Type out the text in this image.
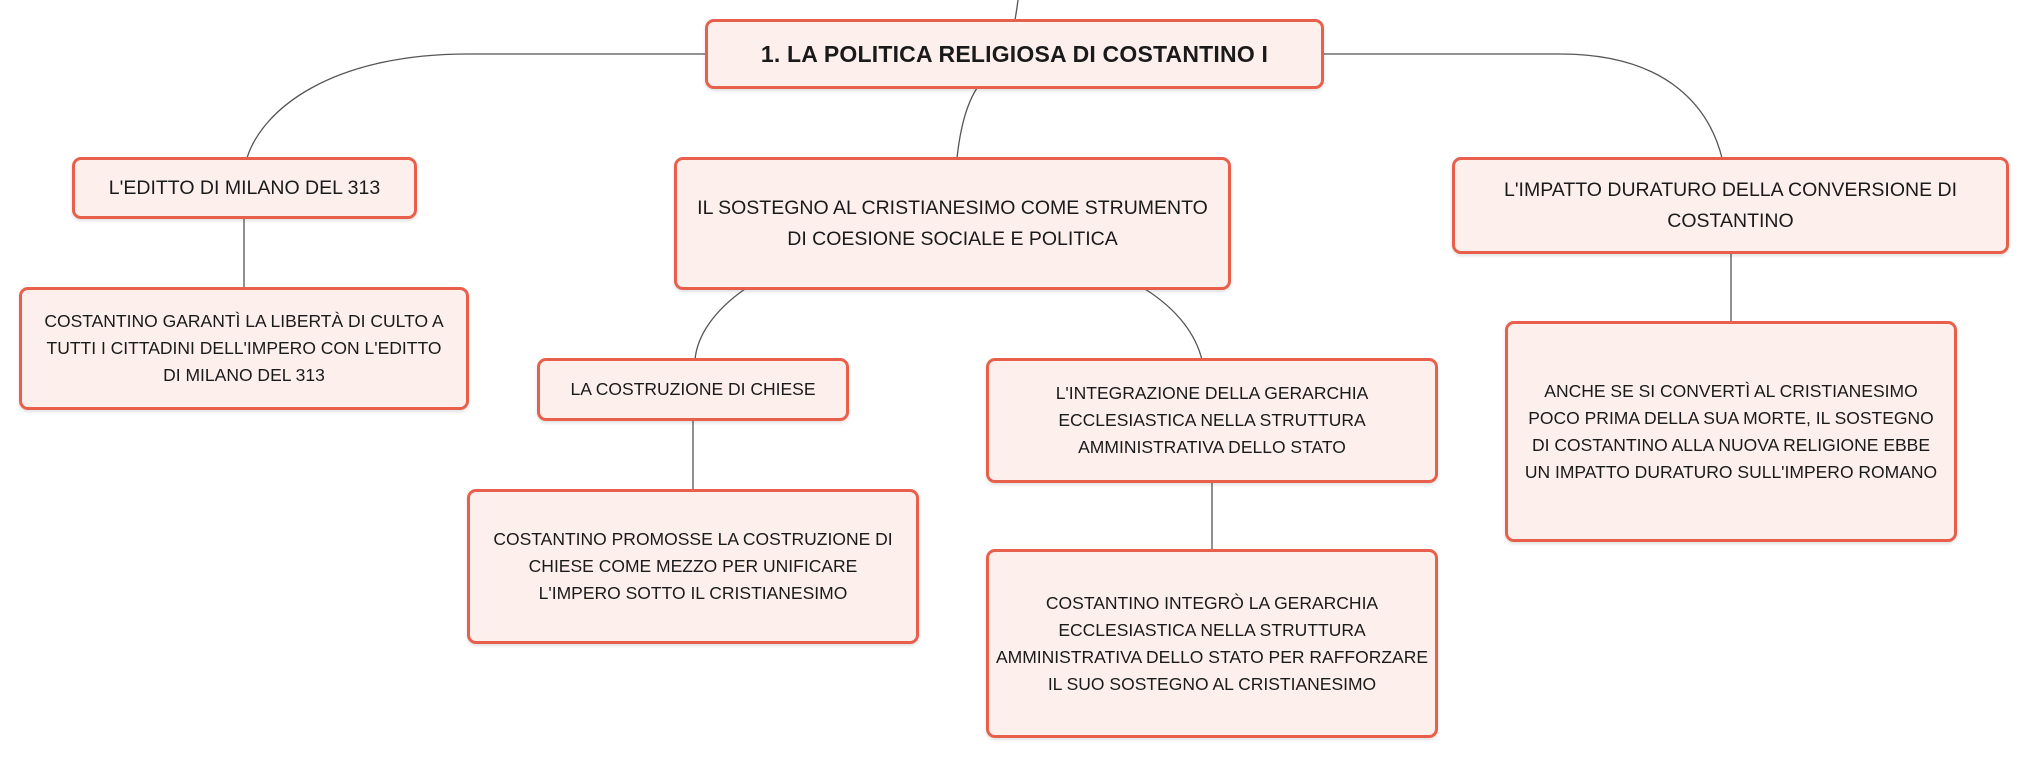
1. LA POLITICA RELIGIOSA DI COSTANTINO I
L'EDITTO DI MILANO DEL 313
COSTANTINO GARANTÌ LA LIBERTÀ DI CULTO A TUTTI I CITTADINI DELL'IMPERO CON L'EDITTO DI MILANO DEL 313
IL SOSTEGNO AL CRISTIANESIMO COME STRUMENTO DI COESIONE SOCIALE E POLITICA
LA COSTRUZIONE DI CHIESE
COSTANTINO PROMOSSE LA COSTRUZIONE DI CHIESE COME MEZZO PER UNIFICARE L'IMPERO SOTTO IL CRISTIANESIMO
L'INTEGRAZIONE DELLA GERARCHIA ECCLESIASTICA NELLA STRUTTURA AMMINISTRATIVA DELLO STATO
COSTANTINO INTEGRÒ LA GERARCHIA ECCLESIASTICA NELLA STRUTTURA AMMINISTRATIVA DELLO STATO PER RAFFORZARE IL SUO SOSTEGNO AL CRISTIANESIMO
L'IMPATTO DURATURO DELLA CONVERSIONE DI COSTANTINO
ANCHE SE SI CONVERTÌ AL CRISTIANESIMO POCO PRIMA DELLA SUA MORTE, IL SOSTEGNO DI COSTANTINO ALLA NUOVA RELIGIONE EBBE UN IMPATTO DURATURO SULL'IMPERO ROMANO
